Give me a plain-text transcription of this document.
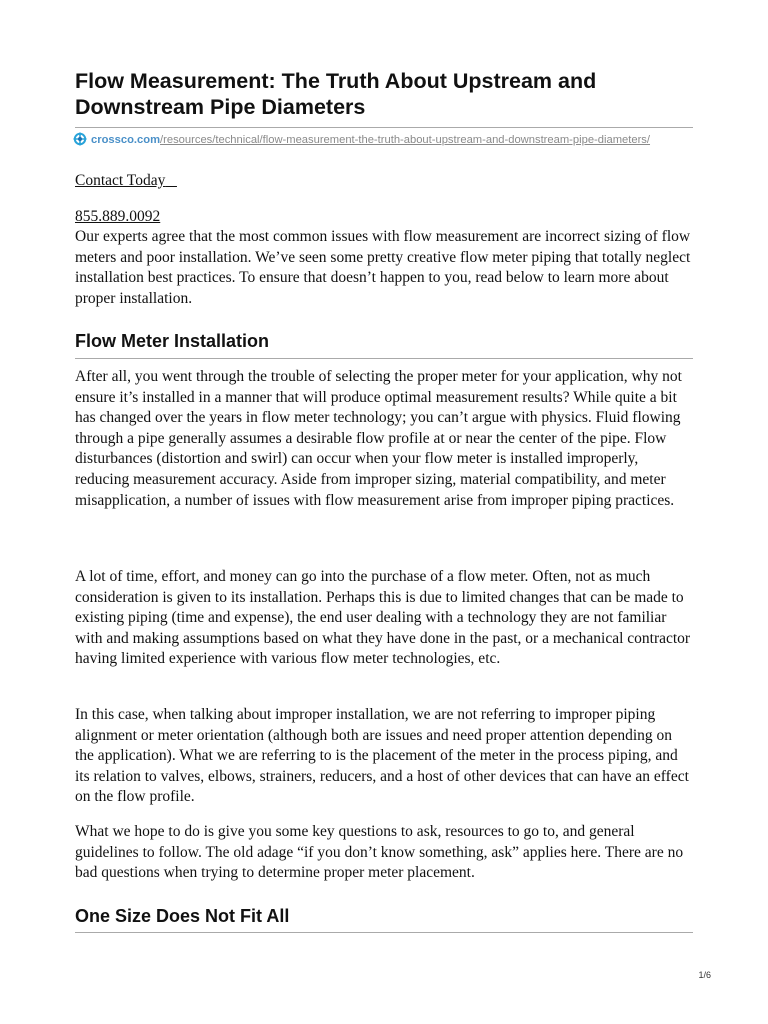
Flow Measurement: The Truth About Upstream and Downstream Pipe Diameters
crossco.com/resources/technical/flow-measurement-the-truth-about-upstream-and-downstream-pipe-diameters/
Contact Today
855.889.0092

Our experts agree that the most common issues with flow measurement are incorrect sizing of flow meters and poor installation. We’ve seen some pretty creative flow meter piping that totally neglect installation best practices. To ensure that doesn’t happen to you, read below to learn more about proper installation.

Flow Meter Installation

After all, you went through the trouble of selecting the proper meter for your application, why not ensure it’s installed in a manner that will produce optimal measurement results? While quite a bit has changed over the years in flow meter technology; you can’t argue with physics. Fluid flowing through a pipe generally assumes a desirable flow profile at or near the center of the pipe. Flow disturbances (distortion and swirl) can occur when your flow meter is installed improperly, reducing measurement accuracy. Aside from improper sizing, material compatibility, and meter misapplication, a number of issues with flow measurement arise from improper piping practices.

A lot of time, effort, and money can go into the purchase of a flow meter. Often, not as much consideration is given to its installation. Perhaps this is due to limited changes that can be made to existing piping (time and expense), the end user dealing with a technology they are not familiar with and making assumptions based on what they have done in the past, or a mechanical contractor having limited experience with various flow meter technologies, etc.

In this case, when talking about improper installation, we are not referring to improper piping alignment or meter orientation (although both are issues and need proper attention depending on the application). What we are referring to is the placement of the meter in the process piping, and its relation to valves, elbows, strainers, reducers, and a host of other devices that can have an effect on the flow profile.

What we hope to do is give you some key questions to ask, resources to go to, and general guidelines to follow. The old adage “if you don’t know something, ask” applies here. There are no bad questions when trying to determine proper meter placement.

One Size Does Not Fit All
1/6
